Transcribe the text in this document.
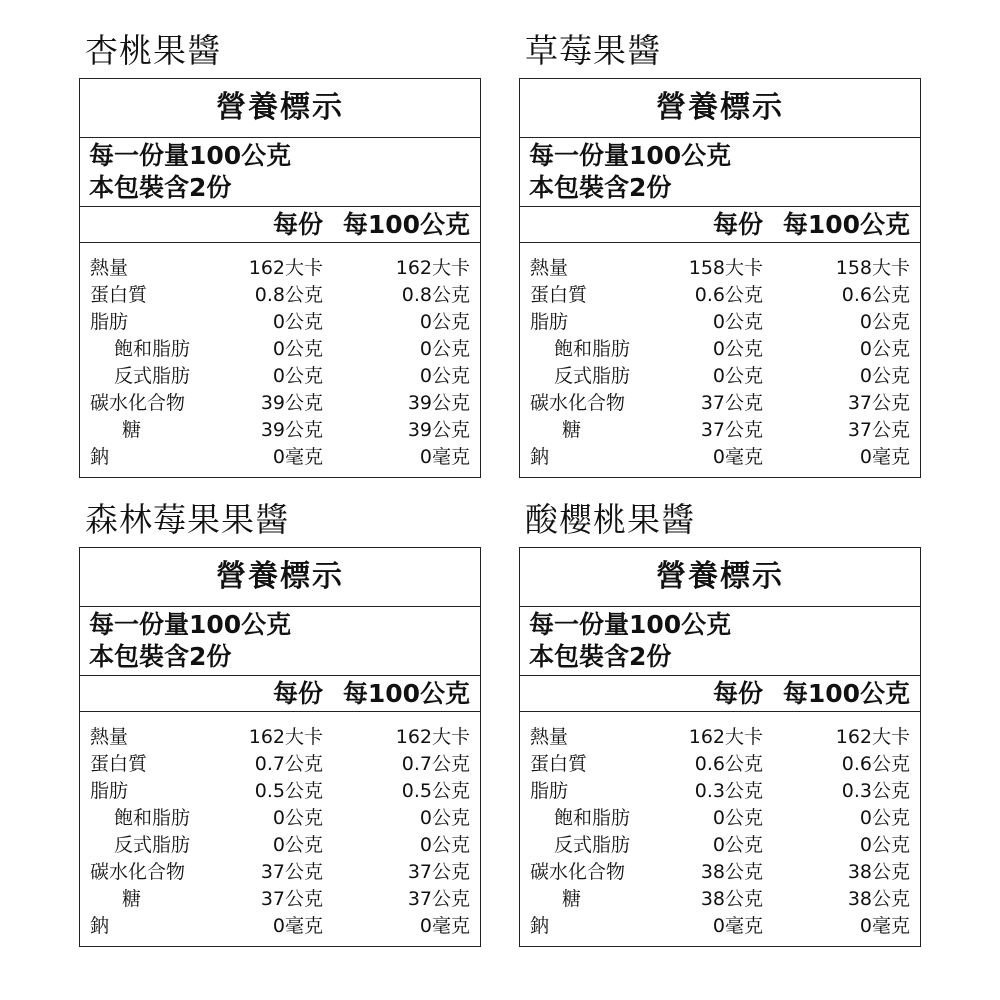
杏桃果醬
營養標示
每一份量100公克
本包裝含2份
每份 每100公克
熱量	162大卡	162大卡
蛋白質	0.8公克	0.8公克
脂肪	0公克	0公克
飽和脂肪	0公克	0公克
反式脂肪	0公克	0公克
碳水化合物	39公克	39公克
糖	39公克	39公克
鈉	0毫克	0毫克
草莓果醬
營養標示
每一份量100公克
本包裝含2份
每份 每100公克
熱量	158大卡	158大卡
蛋白質	0.6公克	0.6公克
脂肪	0公克	0公克
飽和脂肪	0公克	0公克
反式脂肪	0公克	0公克
碳水化合物	37公克	37公克
糖	37公克	37公克
鈉	0毫克	0毫克
森林莓果果醬
營養標示
每一份量100公克
本包裝含2份
每份 每100公克
熱量	162大卡	162大卡
蛋白質	0.7公克	0.7公克
脂肪	0.5公克	0.5公克
飽和脂肪	0公克	0公克
反式脂肪	0公克	0公克
碳水化合物	37公克	37公克
糖	37公克	37公克
鈉	0毫克	0毫克
酸櫻桃果醬
營養標示
每一份量100公克
本包裝含2份
每份 每100公克
熱量	162大卡	162大卡
蛋白質	0.6公克	0.6公克
脂肪	0.3公克	0.3公克
飽和脂肪	0公克	0公克
反式脂肪	0公克	0公克
碳水化合物	38公克	38公克
糖	38公克	38公克
鈉	0毫克	0毫克
